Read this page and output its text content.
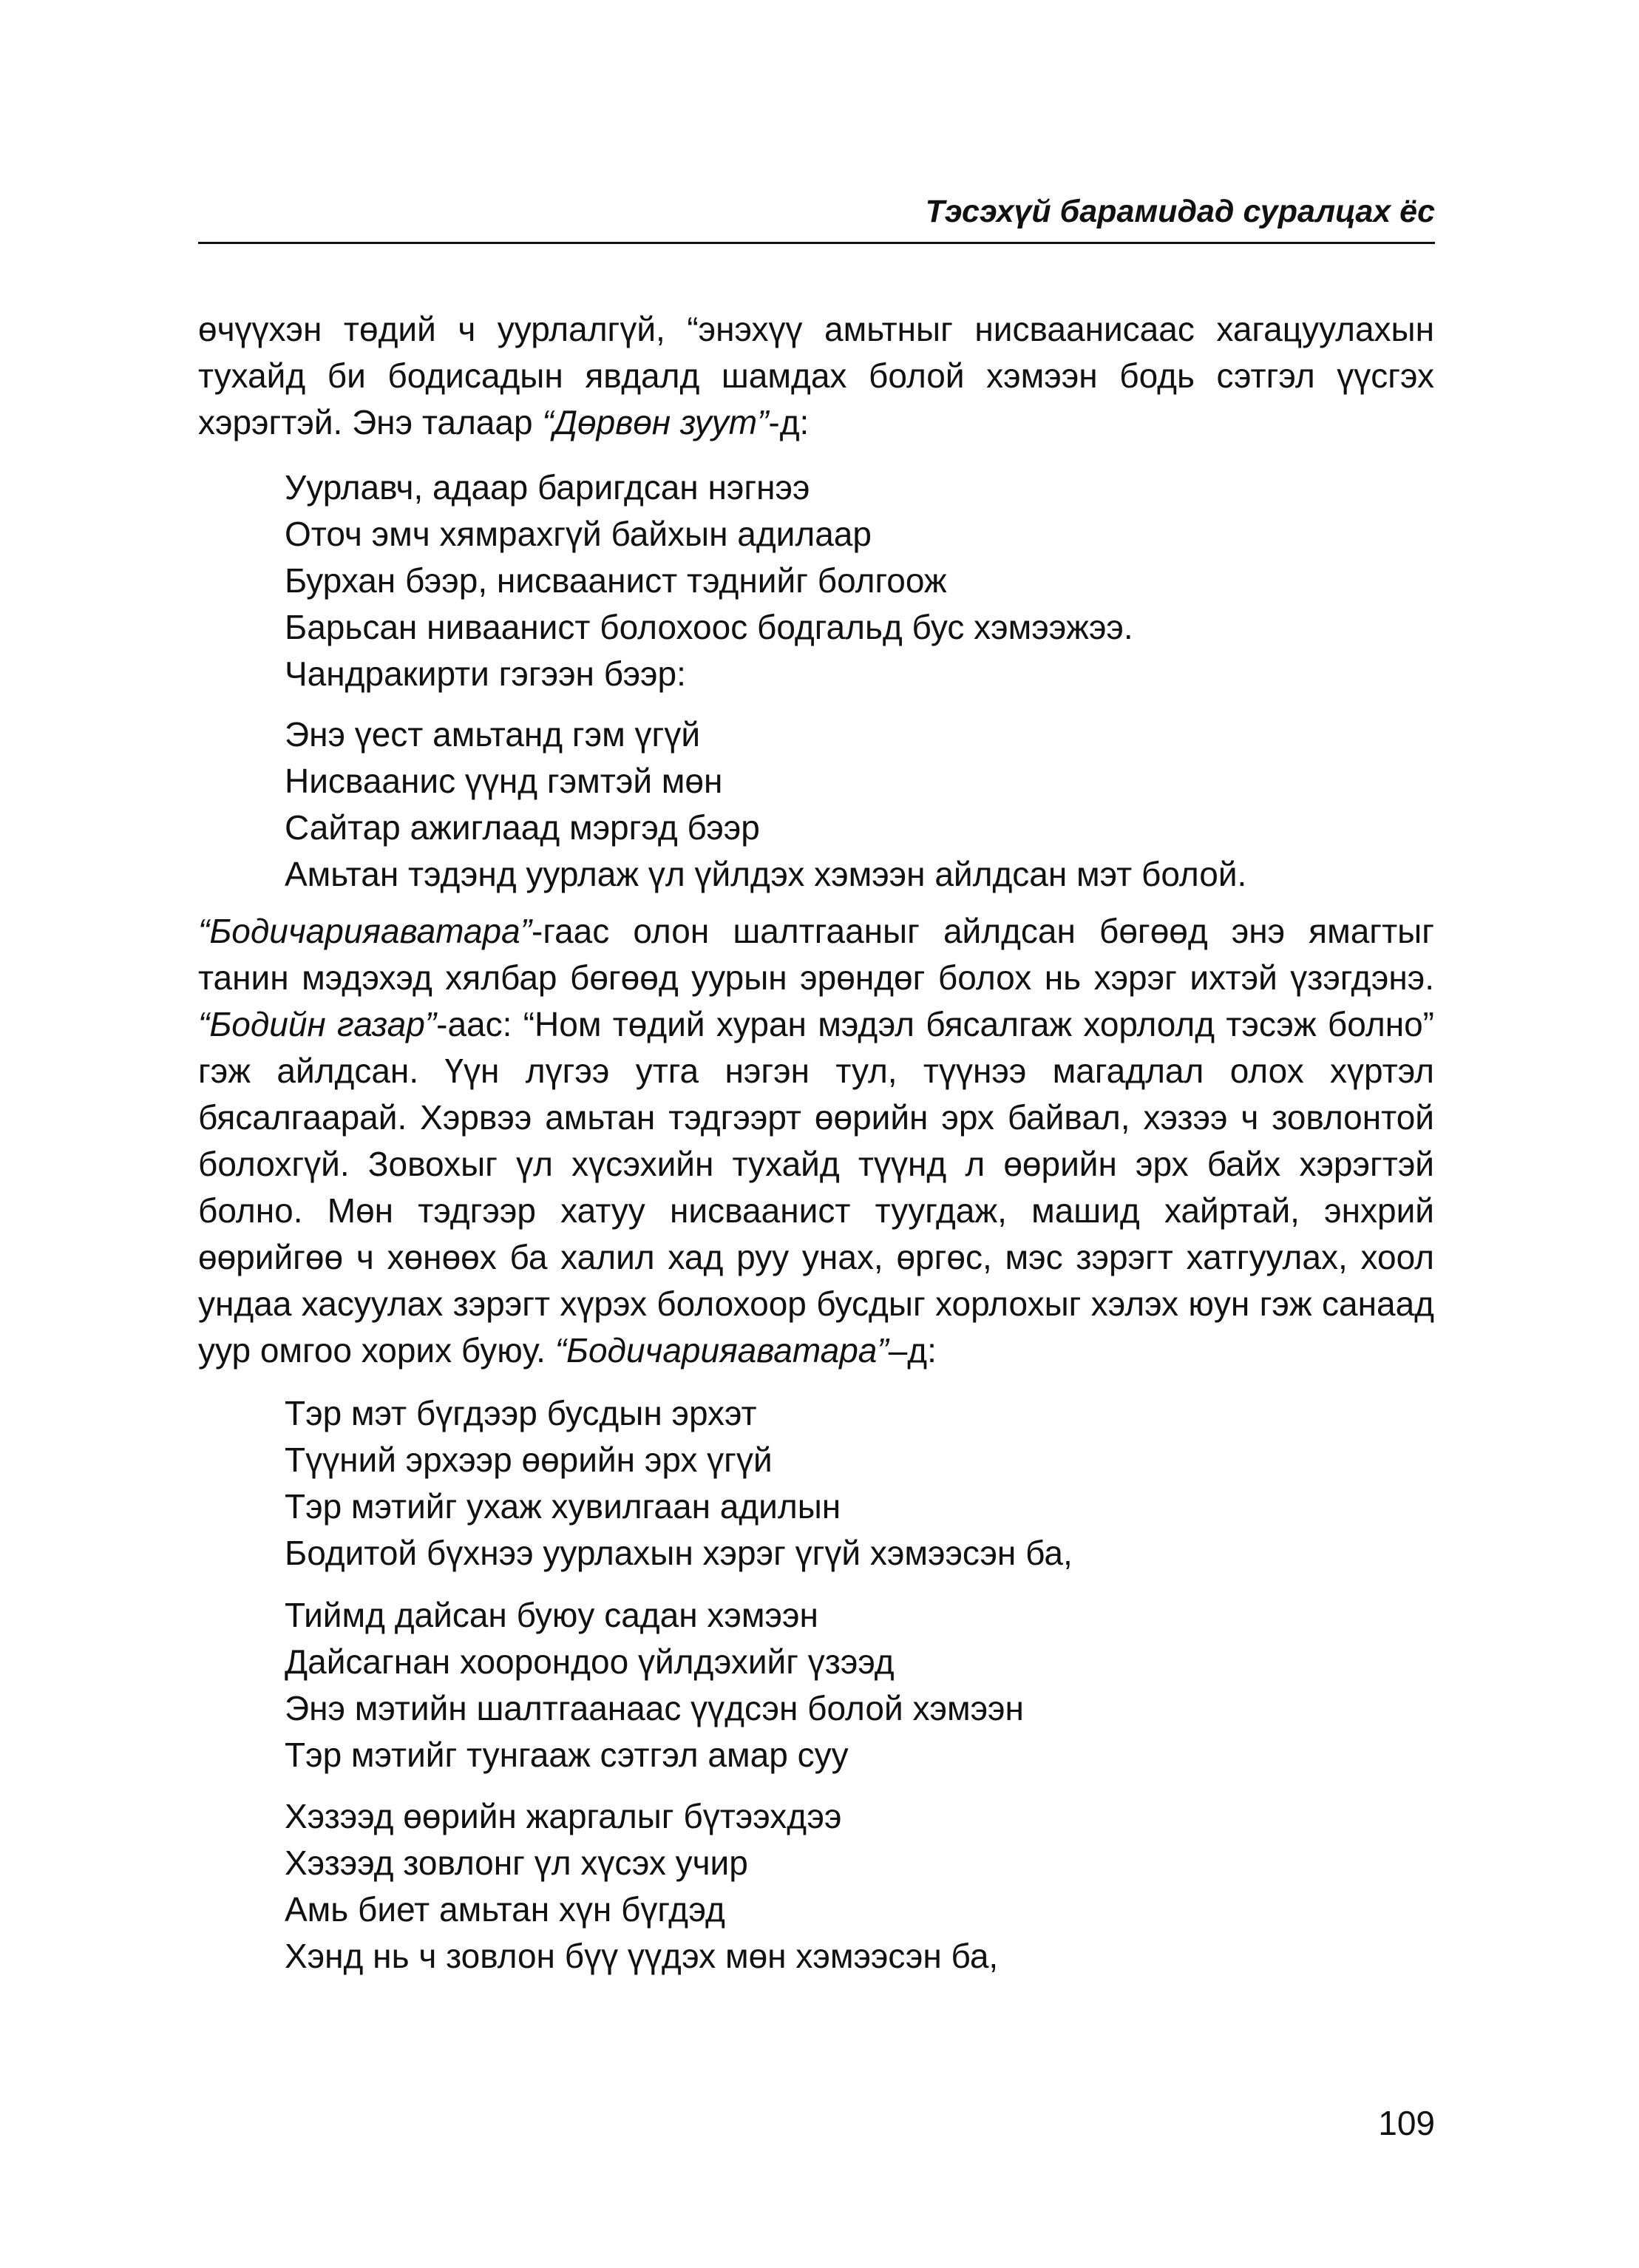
Тэсэхүй барамидад суралцах ёс

өчүүхэн төдий ч уурлалгүй, “энэхүү амьтныг нисваанисаас хагацуулахын тухайд би бодисадын явдалд шамдах болой хэмээн бодь сэтгэл үүсгэх хэрэгтэй. Энэ талаар “Дөрвөн зуут”-д:

Уурлавч, адаар баригдсан нэгнээ
Оточ эмч хямрахгүй байхын адилаар
Бурхан бээр, нисваанист тэднийг болгоож
Барьсан ниваанист болохоос бодгальд бус хэмээжээ.
Чандракирти гэгээн бээр:
Энэ үест амьтанд гэм үгүй
Нисваанис үүнд гэмтэй мөн
Сайтар ажиглаад мэргэд бээр
Амьтан тэдэнд уурлаж үл үйлдэх хэмээн айлдсан мэт болой.

“Бодичарияаватара”-гаас олон шалтгааныг айлдсан бөгөөд энэ ямагтыг танин мэдэхэд хялбар бөгөөд уурын эрөндөг болох нь хэрэг ихтэй үзэгдэнэ. “Бодийн газар”-аас: “Ном төдий хуран мэдэл бясалгаж хорлолд тэсэж болно” гэж айлдсан. Үүн лүгээ утга нэгэн тул, түүнээ магадлал олох хүртэл бясалгаарай. Хэрвээ амьтан тэдгээрт өөрийн эрх байвал, хэзээ ч зовлонтой болохгүй. Зовохыг үл хүсэхийн тухайд түүнд л өөрийн эрх байх хэрэгтэй болно. Мөн тэдгээр хатуу нисваанист туугдаж, машид хайртай, энхрий өөрийгөө ч хөнөөх ба халил хад руу унах, өргөс, мэс зэрэгт хатгуулах, хоол ундаа хасуулах зэрэгт хүрэх болохоор бусдыг хорлохыг хэлэх юун гэж санаад уур омгоо хорих буюу. “Бодичарияаватара”–д:

Тэр мэт бүгдээр бусдын эрхэт
Түүний эрхээр өөрийн эрх үгүй
Тэр мэтийг ухаж хувилгаан адилын
Бодитой бүхнээ уурлахын хэрэг үгүй хэмээсэн ба,
Тиймд дайсан буюу садан хэмээн
Дайсагнан хоорондоо үйлдэхийг үзээд
Энэ мэтийн шалтгаанаас үүдсэн болой хэмээн
Тэр мэтийг тунгааж сэтгэл амар суу
Хэзээд өөрийн жаргалыг бүтээхдээ
Хэзээд зовлонг үл хүсэх учир
Амь биет амьтан хүн бүгдэд
Хэнд нь ч зовлон бүү үүдэх мөн хэмээсэн ба,
109
